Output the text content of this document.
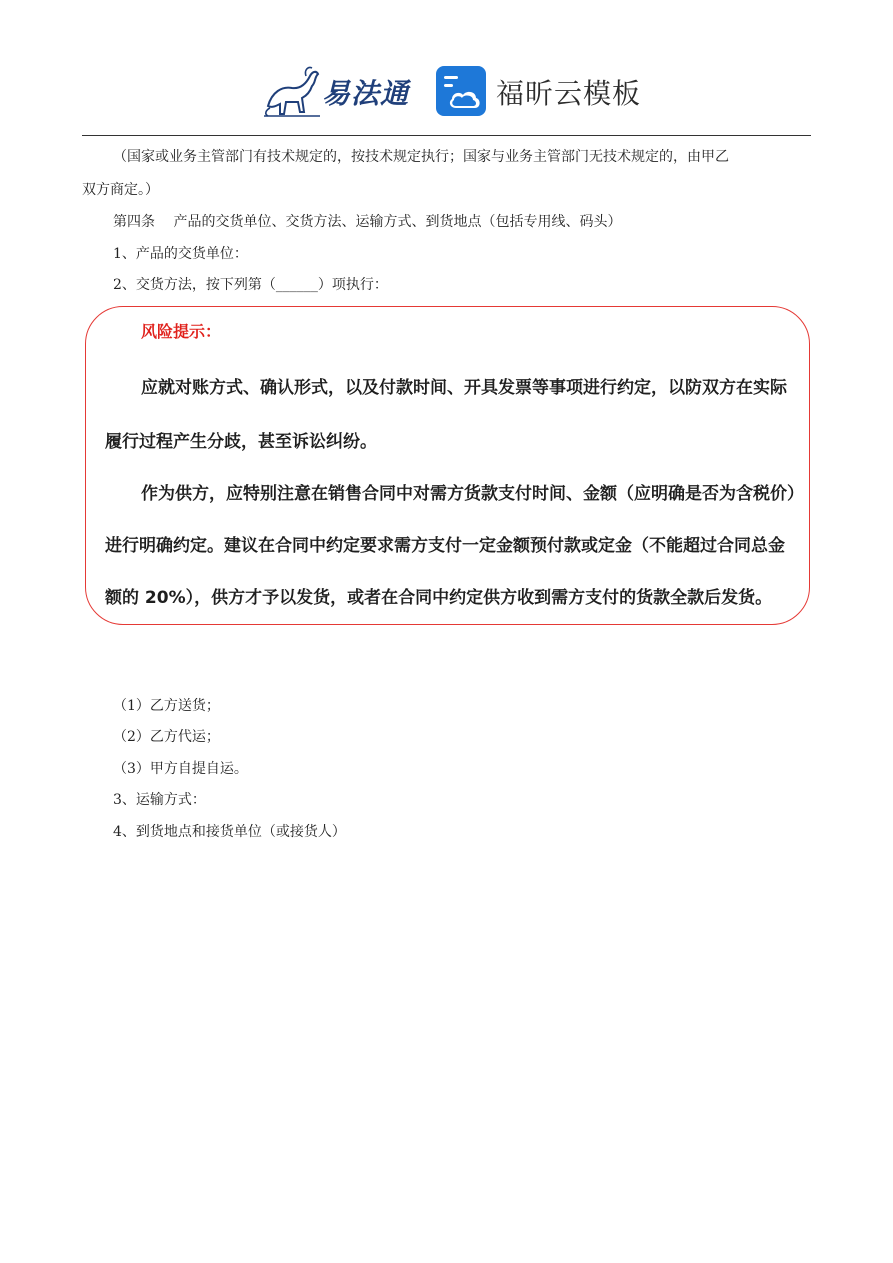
易法通	福昕云模板
（国家或业务主管部门有技术规定的，按技术规定执行；国家与业务主管部门无技术规定的，由甲乙
双方商定。）
第四条　 产品的交货单位、交货方法、运输方式、到货地点（包括专用线、码头）
1、产品的交货单位：
2、交货方法，按下列第（______）项执行：
风险提示：
应就对账方式、确认形式，以及付款时间、开具发票等事项进行约定，以防双方在实际
履行过程产生分歧，甚至诉讼纠纷。
作为供方，应特别注意在销售合同中对需方货款支付时间、金额（应明确是否为含税价）
进行明确约定。建议在合同中约定要求需方支付一定金额预付款或定金（不能超过合同总金
额的 20%），供方才予以发货，或者在合同中约定供方收到需方支付的货款全款后发货。
（1）乙方送货；
（2）乙方代运；
（3）甲方自提自运。
3、运输方式：
4、到货地点和接货单位（或接货人）
